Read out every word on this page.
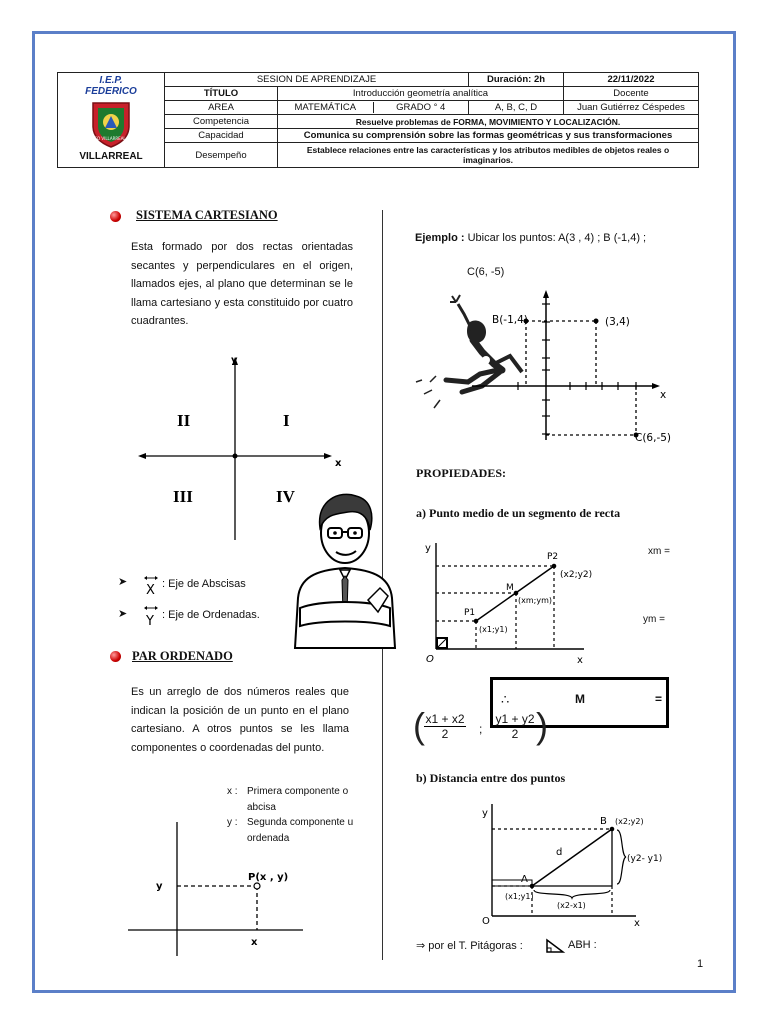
I.E.P.
FEDERICO
FEDERICO VILLARREAL TALARA
VILLARREAL	SESION DE APRENDIZAJE		Duración: 2h	22/11/2022
	TÍTULO	Introducción geometría analítica		Docente
	AREA	MATEMÁTICA GRADO ° 4	A, B, C, D	Juan Gutiérrez Céspedes
	Competencia	Resuelve problemas de FORMA, MOVIMIENTO Y LOCALIZACIÓN.		
	Capacidad	Comunica su comprensión sobre las formas geométricas y sus transformaciones		
	Desempeño	Establece relaciones entre las características y los atributos medibles de objetos reales o imaginarios.		
SISTEMA CARTESIANO
Esta formado por dos rectas orientadas secantes y perpendiculares en el origen, llamados ejes, al plano que determinan se le llama cartesiano y esta constituido por cuatro cuadrantes.
y
x
I
II
III	IV
➤
X : Eje de Abscisas
➤ Y : Eje de Ordenadas.
PAR ORDENADO
Es un arreglo de dos números reales que indican la posición de un punto en el plano cartesiano. A otros puntos se les llama componentes o coordenadas del punto.
x : Primera componente o abcisa
y : Segunda componente u ordenada
P(x , y)
y
x
Ejemplo : Ubicar los puntos: A(3 , 4) ; B (-1,4) ;
C(6, -5)
B(-1,4)	(3,4)
C(6,-5)
x
PROPIEDADES:
a) Punto medio de un segmento de recta
y
x
O
P2
(x2;y2)
M
(xm;ym)
P1
(x1;y1)
xm =
ym =
∴	M	=
( $\frac{x1 + x2}{2}$ ; $\frac{y1 + y2}{2}$ )
b) Distancia entre dos puntos
y
x
O
B (x2;y2)
d
A
(x1;y1)
(y2- y1)
(x2-x1)
⇒ por el T. Pitágoras :	ABH :
1
